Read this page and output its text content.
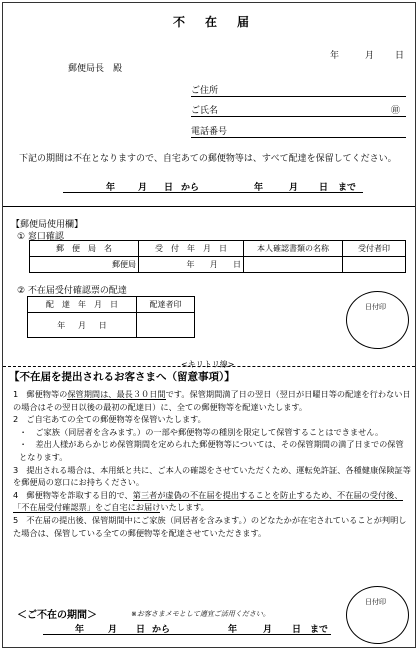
不在届
年	月 日
郵便局長　殿
ご住所
ご氏名	㊞
電話番号
下記の期間は不在となりますので、自宅あての郵便物等は、すべて配達を保留してください。
年	月 日 から	年	月 日 まで
【郵便局使用欄】
① 窓口確認
郵　便　局　名	受　付　年　月　日	本人確認書類の名称	受付者印
郵便局	年 月 日		
② 不在届受付確認票の配達
配　達　年　月　日	配達者印
年 月 日	
日付印
<キリトリ線>
【不在届を提出されるお客さまへ（留意事項）】

1　郵便物等の保管期間は、最長３０日間です。保管期間満了日の翌日（翌日が日曜日等の配達を行わない日の場合はその翌日以後の最初の配達日）に、全ての郵便物等を配達いたします。

2　ご自宅あての全ての郵便物等を保管いたします。

・　ご家族（同居者を含みます。）の一部や郵便物等の種別を限定して保管することはできません。

・　差出人様があらかじめ保管期間を定められた郵便物等については、その保管期間の満了日までの保管となります。

3　提出される場合は、本用紙と共に、ご本人の確認をさせていただくため、運転免許証、各種健康保険証等を郵便局の窓口にお持ちください。

4　郵便物等を詐取する目的で、第三者が虚偽の不在届を提出することを防止するため、不在届の受付後、「不在届受付確認票」をご自宅にお届けいたします。

5　不在届の提出後、保管期間中にご家族（同居者を含みます。）のどなたかが在宅されていることが判明した場合は、保管している全ての郵便物等を配達させていただきます。

＜ご不在の期間＞	※お客さまメモとして適宜ご活用ください。
年	月 日 から	年	月 日 まで
日付印
